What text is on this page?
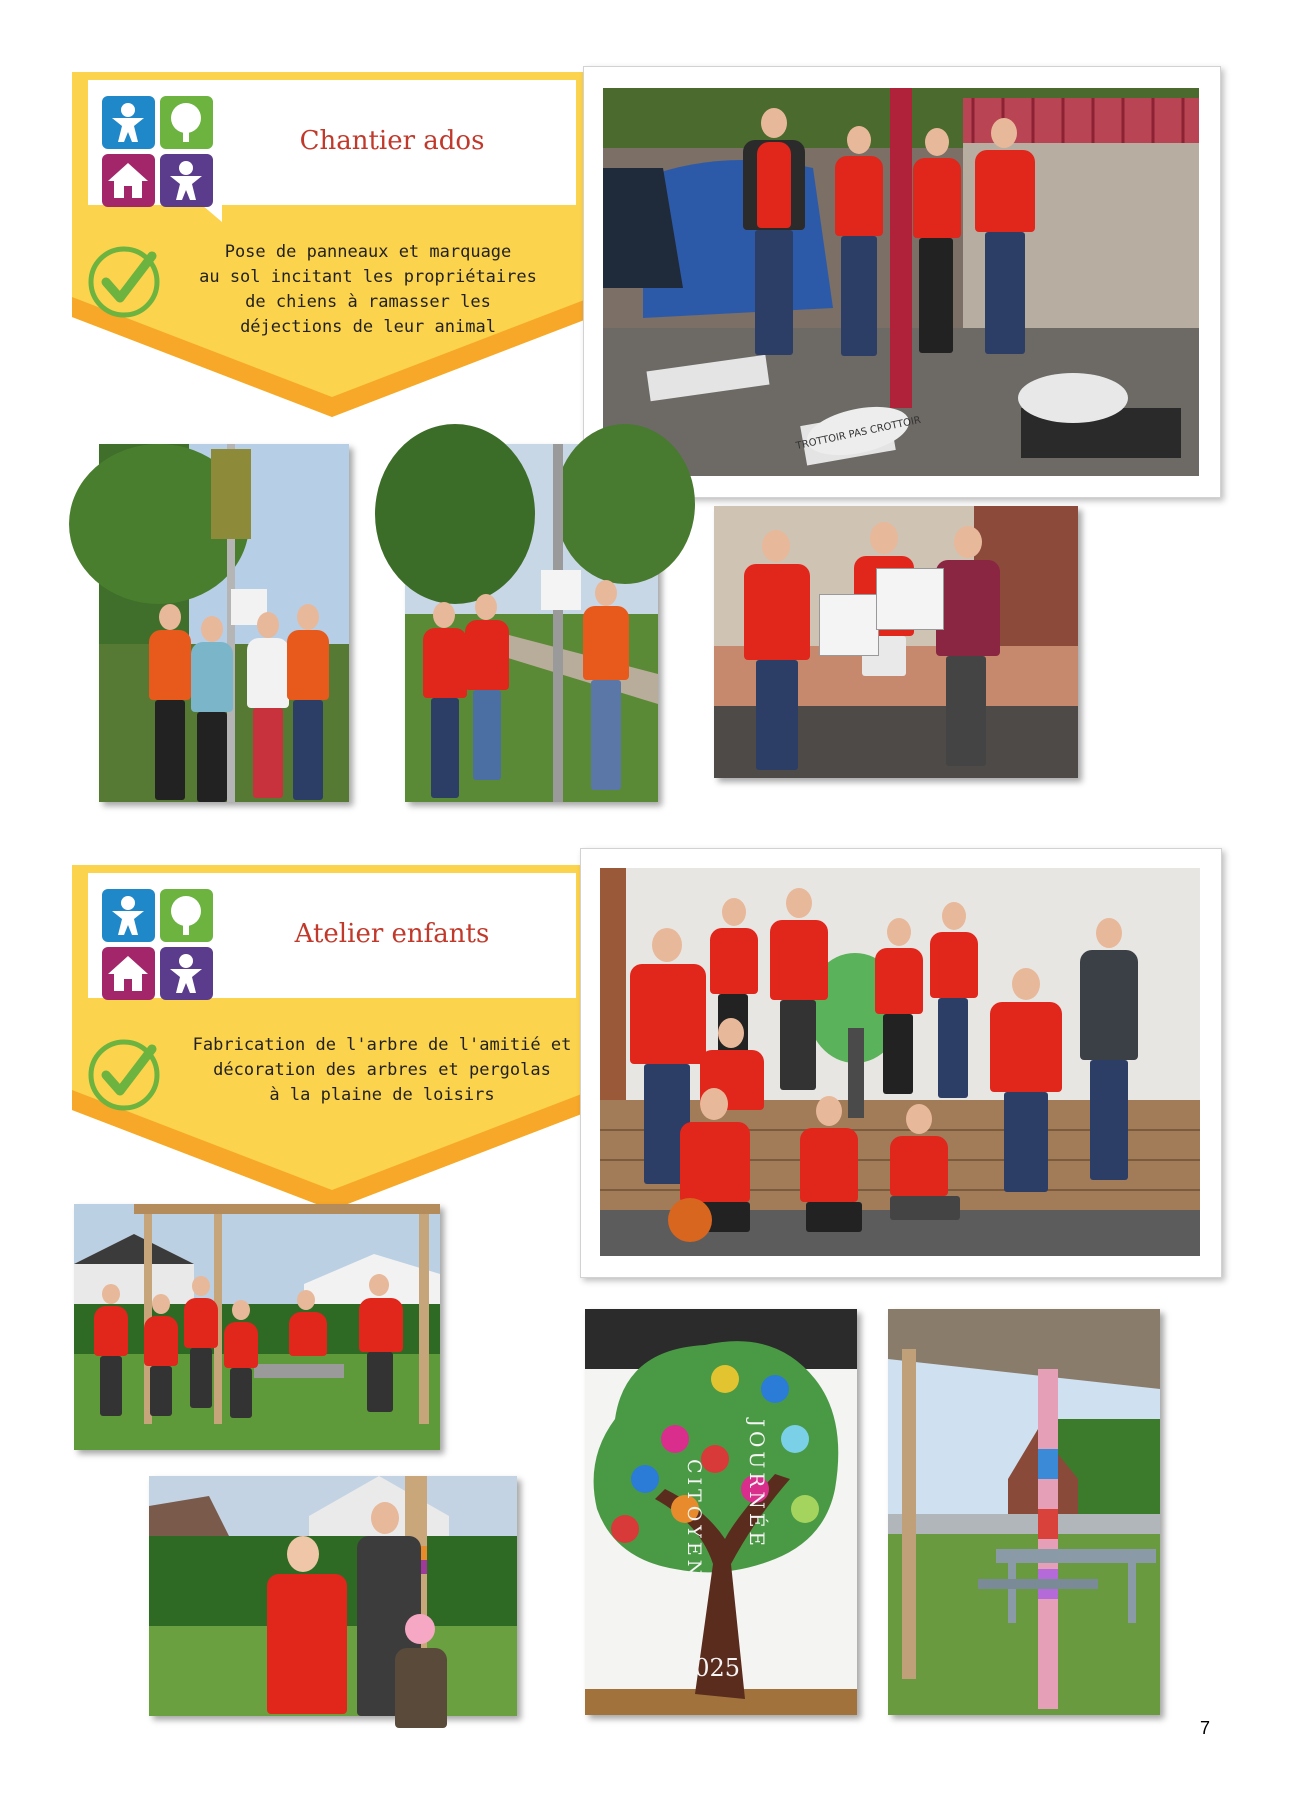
Chantier ados
Pose de panneaux et marquage
au sol incitant les propriétaires
de chiens à ramasser les
déjections de leur animal
TROTTOIR PAS CROTTOIR
Atelier enfants
Fabrication de l'arbre de l'amitié et
décoration des arbres et pergolas
à la plaine de loisirs
JOURNÉE
CITOYENNE
2025
7
